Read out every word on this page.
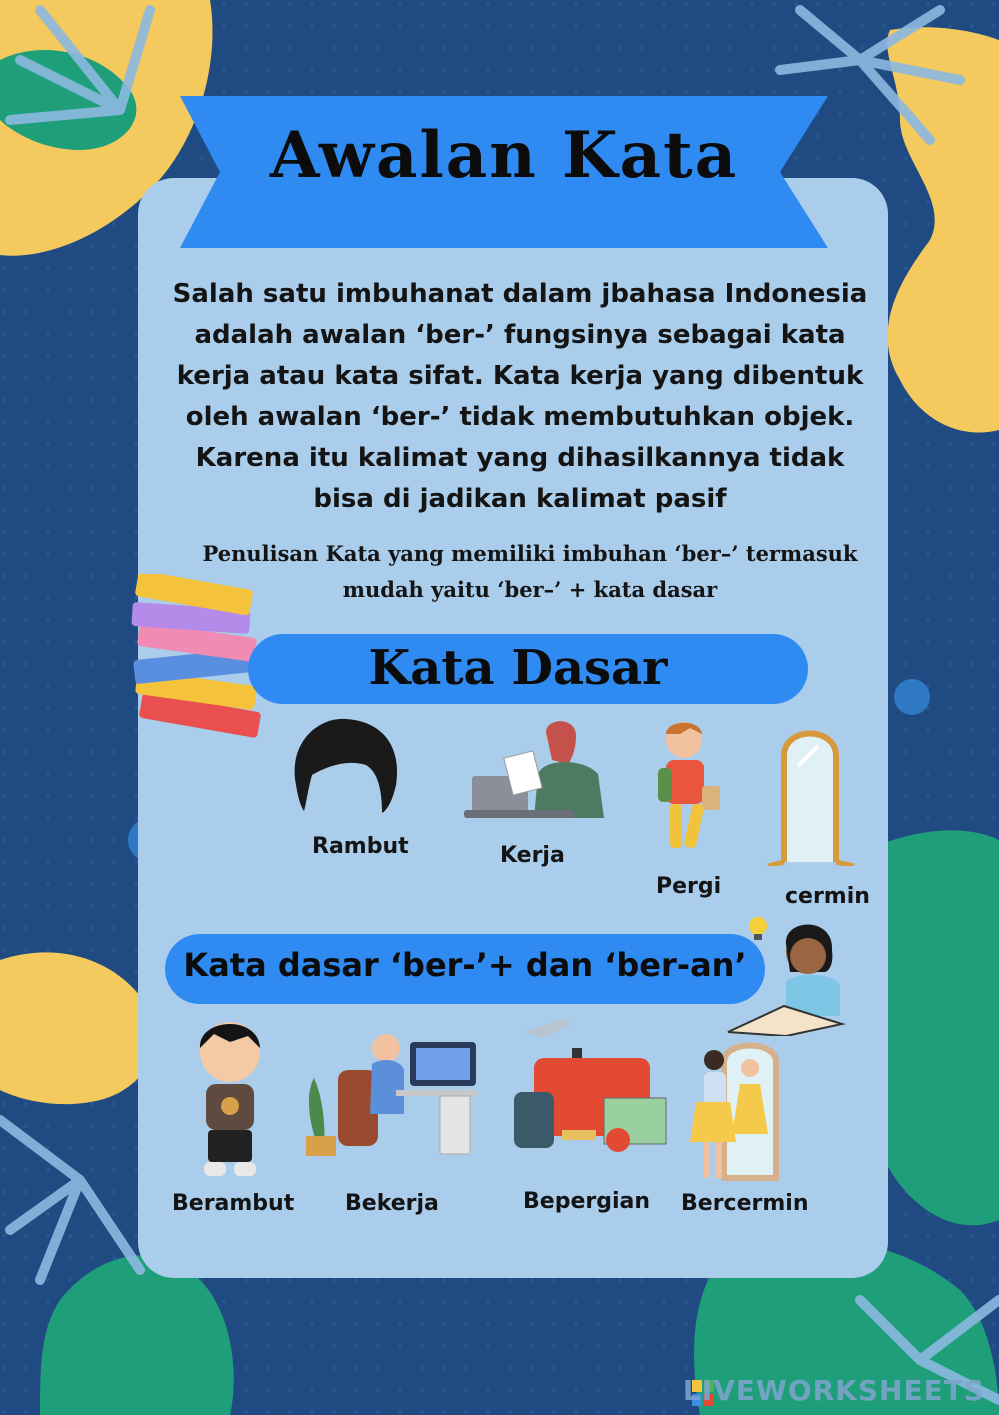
Awalan Kata
Salah satu imbuhanat dalam jbahasa Indonesia
adalah awalan ‘ber-’ fungsinya sebagai kata
kerja atau kata sifat. Kata kerja yang dibentuk
oleh awalan ‘ber-’ tidak membutuhkan objek.
Karena itu kalimat yang dihasilkannya tidak
bisa di jadikan kalimat pasif
Penulisan Kata yang memiliki imbuhan ‘ber–’ termasuk
mudah yaitu ‘ber–’ + kata dasar
Kata Dasar
Rambut	Kerja
Pergi	cermin
Kata dasar ‘ber-’+ dan ‘ber-an’
Berambut Bekerja	Bepergian Bercermin
LIVEWORKSHEETS
